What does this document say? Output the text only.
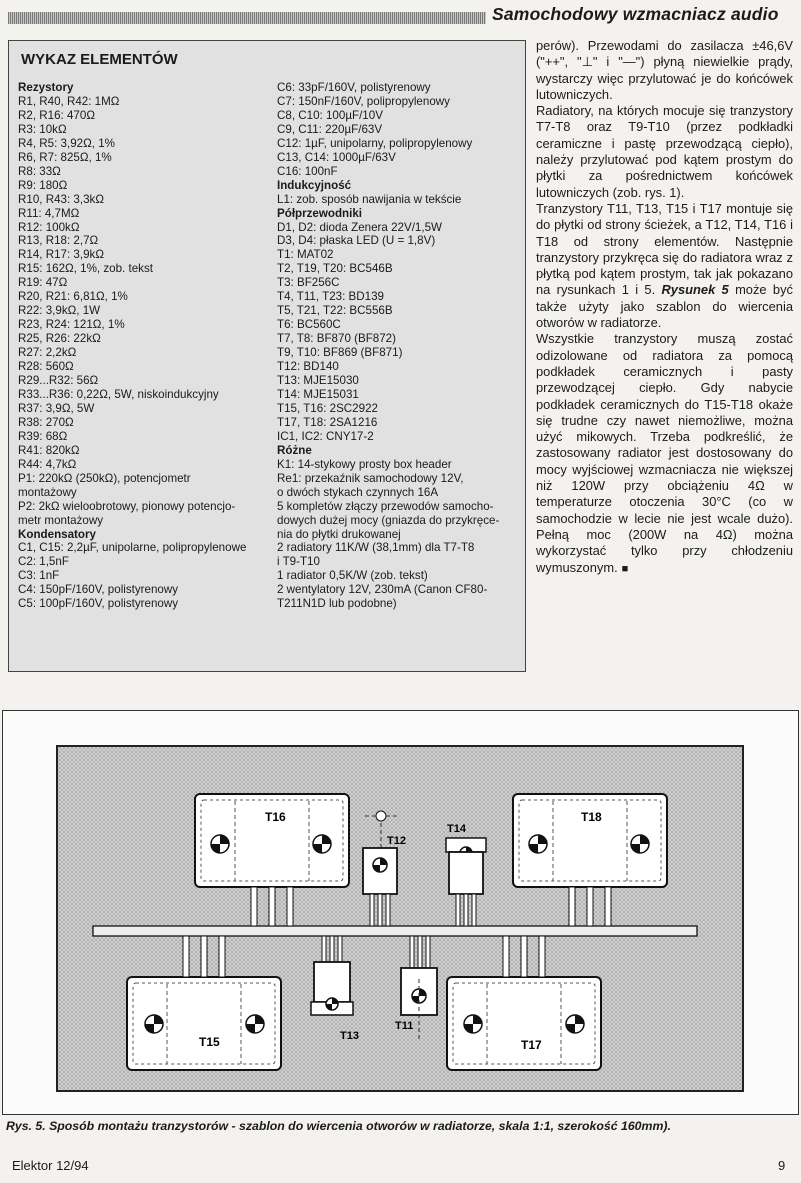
Samochodowy wzmacniacz audio
WYKAZ ELEMENTÓW
Rezystory
R1, R40, R42: 1MΩ
R2, R16: 470Ω
R3: 10kΩ
R4, R5: 3,92Ω, 1%
R6, R7: 825Ω, 1%
R8: 33Ω
R9: 180Ω
R10, R43: 3,3kΩ
R11: 4,7MΩ
R12: 100kΩ
R13, R18: 2,7Ω
R14, R17: 3,9kΩ
R15: 162Ω, 1%, zob. tekst
R19: 47Ω
R20, R21: 6,81Ω, 1%
R22: 3,9kΩ, 1W
R23, R24: 121Ω, 1%
R25, R26: 22kΩ
R27: 2,2kΩ
R28: 560Ω
R29...R32: 56Ω
R33...R36: 0,22Ω, 5W, niskoindukcyjny
R37: 3,9Ω, 5W
R38: 270Ω
R39: 68Ω
R41: 820kΩ
R44: 4,7kΩ
P1: 220kΩ (250kΩ), potencjometr
montażowy
P2: 2kΩ wieloobrotowy, pionowy potencjo-
metr montażowy
Kondensatory
C1, C15: 2,2µF, unipolarne, polipropylenowe
C2: 1,5nF
C3: 1nF
C4: 150pF/160V, polistyrenowy
C5: 100pF/160V, polistyrenowy
C6: 33pF/160V, polistyrenowy
C7: 150nF/160V, polipropylenowy
C8, C10: 100µF/10V
C9, C11: 220µF/63V
C12: 1µF, unipolarny, polipropylenowy
C13, C14: 1000µF/63V
C16: 100nF
Indukcyjność
L1: zob. sposób nawijania w tekście
Półprzewodniki
D1, D2: dioda Zenera 22V/1,5W
D3, D4: płaska LED (U = 1,8V)
T1: MAT02
T2, T19, T20: BC546B
T3: BF256C
T4, T11, T23: BD139
T5, T21, T22: BC556B
T6: BC560C
T7, T8: BF870 (BF872)
T9, T10: BF869 (BF871)
T12: BD140
T13: MJE15030
T14: MJE15031
T15, T16: 2SC2922
T17, T18: 2SA1216
IC1, IC2: CNY17-2
Różne
K1: 14-stykowy prosty box header
Re1: przekaźnik samochodowy 12V,
o dwóch stykach czynnych 16A
5 kompletów złączy przewodów samocho-
dowych dużej mocy (gniazda do przykręce-
nia do płytki drukowanej
2 radiatory 11K/W (38,1mm) dla T7-T8
i T9-T10
1 radiator 0,5K/W (zob. tekst)
2 wentylatory 12V, 230mA (Canon CF80-
T211N1D lub podobne)

perów). Przewodami do zasilacza ±46,6V ("++", "⊥" i "—") płyną niewielkie prądy, wystarczy więc przylutować je do końcówek lutowniczych.

Radiatory, na których mocuje się tranzystory T7-T8 oraz T9-T10 (przez podkładki ceramiczne i pastę przewodzącą ciepło), należy przylutować pod kątem prostym do płytki za pośrednictwem końcówek lutowniczych (zob. rys. 1).

Tranzystory T11, T13, T15 i T17 montuje się do płytki od strony ścieżek, a T12, T14, T16 i T18 od strony elementów. Następnie tranzystory przykręca się do radiatora wraz z płytką pod kątem prostym, tak jak pokazano na rysunkach 1 i 5. Rysunek 5 może być także użyty jako szablon do wiercenia otworów w radiatorze.

Wszystkie tranzystory muszą zostać odizolowane od radiatora za pomocą podkładek ceramicznych i pasty przewodzącej ciepło. Gdy nabycie podkładek ceramicznych do T15-T18 okaże się trudne czy nawet niemożliwe, można użyć mikowych. Trzeba podkreślić, że zastosowany radiator jest dostosowany do mocy wyjściowej wzmacniacza nie większej niż 120W przy obciążeniu 4Ω w temperaturze otoczenia 30°C (co w samochodzie w lecie nie jest wcale dużo). Pełną moc (200W na 4Ω) można wykorzystać tylko przy chłodzeniu wymuszonym. ■

T16	T18
T12
T14
T15	T17
T13
T11
Rys. 5. Sposób montażu tranzystorów - szablon do wiercenia otworów w radiatorze, skala 1:1, szerokość 160mm).
Elektor 12/94	9
